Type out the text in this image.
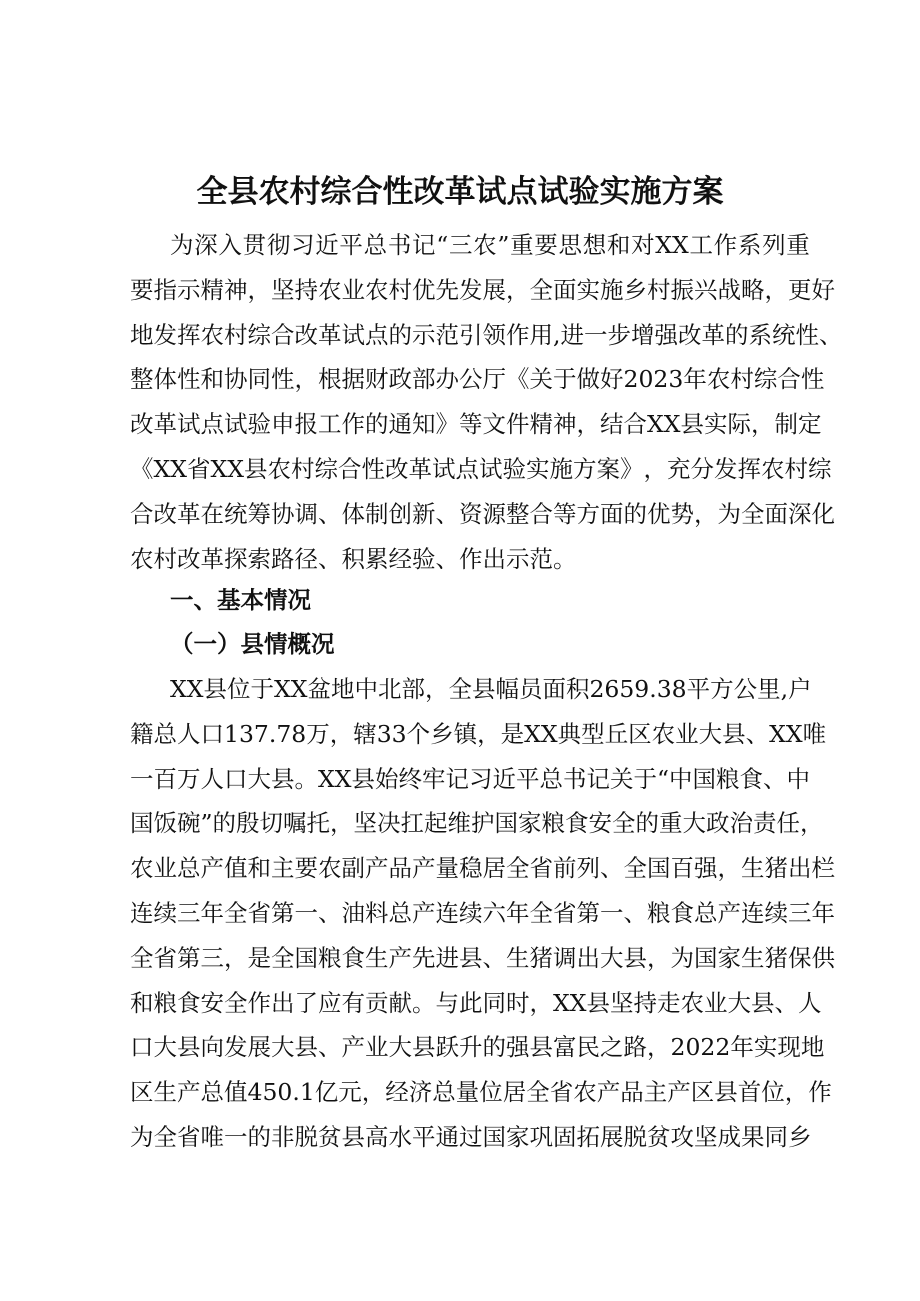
全县农村综合性改革试点试验实施方案
为 深 入 贯 彻 习 近 平 总 书 记 “ 三 农 ” 重 要 思 想 和 对 XX 工 作 系 列 重
要 指 示 精 神 ， 坚 持 农 业 农 村 优 先 发 展 ， 全 面 实 施 乡 村 振 兴 战 略 ， 更 好
地 发 挥 农 村 综 合 改 革 试 点 的 示 范 引 领 作 用 , 进 一 步 增 强 改 革 的 系 统 性 、
整 体 性 和 协 同 性 ， 根 据 财 政 部 办 公 厅 《 关 于 做 好 2023 年 农 村 综 合 性
改 革 试 点 试 验 申 报 工 作 的 通 知 》 等 文 件 精 神 ， 结 合 XX 县 实 际 ， 制 定
《 XX 省 XX 县 农 村 综 合 性 改 革 试 点 试 验 实 施 方 案 》 ， 充 分 发 挥 农 村 综
合 改 革 在 统 筹 协 调 、 体 制 创 新 、 资 源 整 合 等 方 面 的 优 势 ， 为 全 面 深 化
农村改革探索路径、积累经验、作出示范。
一、基本情况
（一）县情概况
XX 县 位 于 XX 盆 地 中 北 部 ， 全 县 幅 员 面 积 2659.38 平 方 公 里 , 户
籍 总 人 口 137.78 万 ， 辖 33 个 乡 镇 ， 是 XX 典 型 丘 区 农 业 大 县 、 XX 唯
一 百 万 人 口 大 县 。 XX 县 始 终 牢 记 习 近 平 总 书 记 关 于 “ 中 国 粮 食 、 中
国 饭 碗 ” 的 殷 切 嘱 托 ， 坚 决 扛 起 维 护 国 家 粮 食 安 全 的 重 大 政 治 责 任 ，
农 业 总 产 值 和 主 要 农 副 产 品 产 量 稳 居 全 省 前 列 、 全 国 百 强 ， 生 猪 出 栏
连 续 三 年 全 省 第 一 、 油 料 总 产 连 续 六 年 全 省 第 一 、 粮 食 总 产 连 续 三 年
全 省 第 三 ， 是 全 国 粮 食 生 产 先 进 县 、 生 猪 调 出 大 县 ， 为 国 家 生 猪 保 供
和 粮 食 安 全 作 出 了 应 有 贡 献 。 与 此 同 时 ， XX 县 坚 持 走 农 业 大 县 、 人
口 大 县 向 发 展 大 县 、 产 业 大 县 跃 升 的 强 县 富 民 之 路 ， 2022 年 实 现 地
区 生 产 总 值 450.1 亿 元 ， 经 济 总 量 位 居 全 省 农 产 品 主 产 区 县 首 位 ， 作
为 全 省 唯 一 的 非 脱 贫 县 高 水 平 通 过 国 家 巩 固 拓 展 脱 贫 攻 坚 成 果 同 乡
